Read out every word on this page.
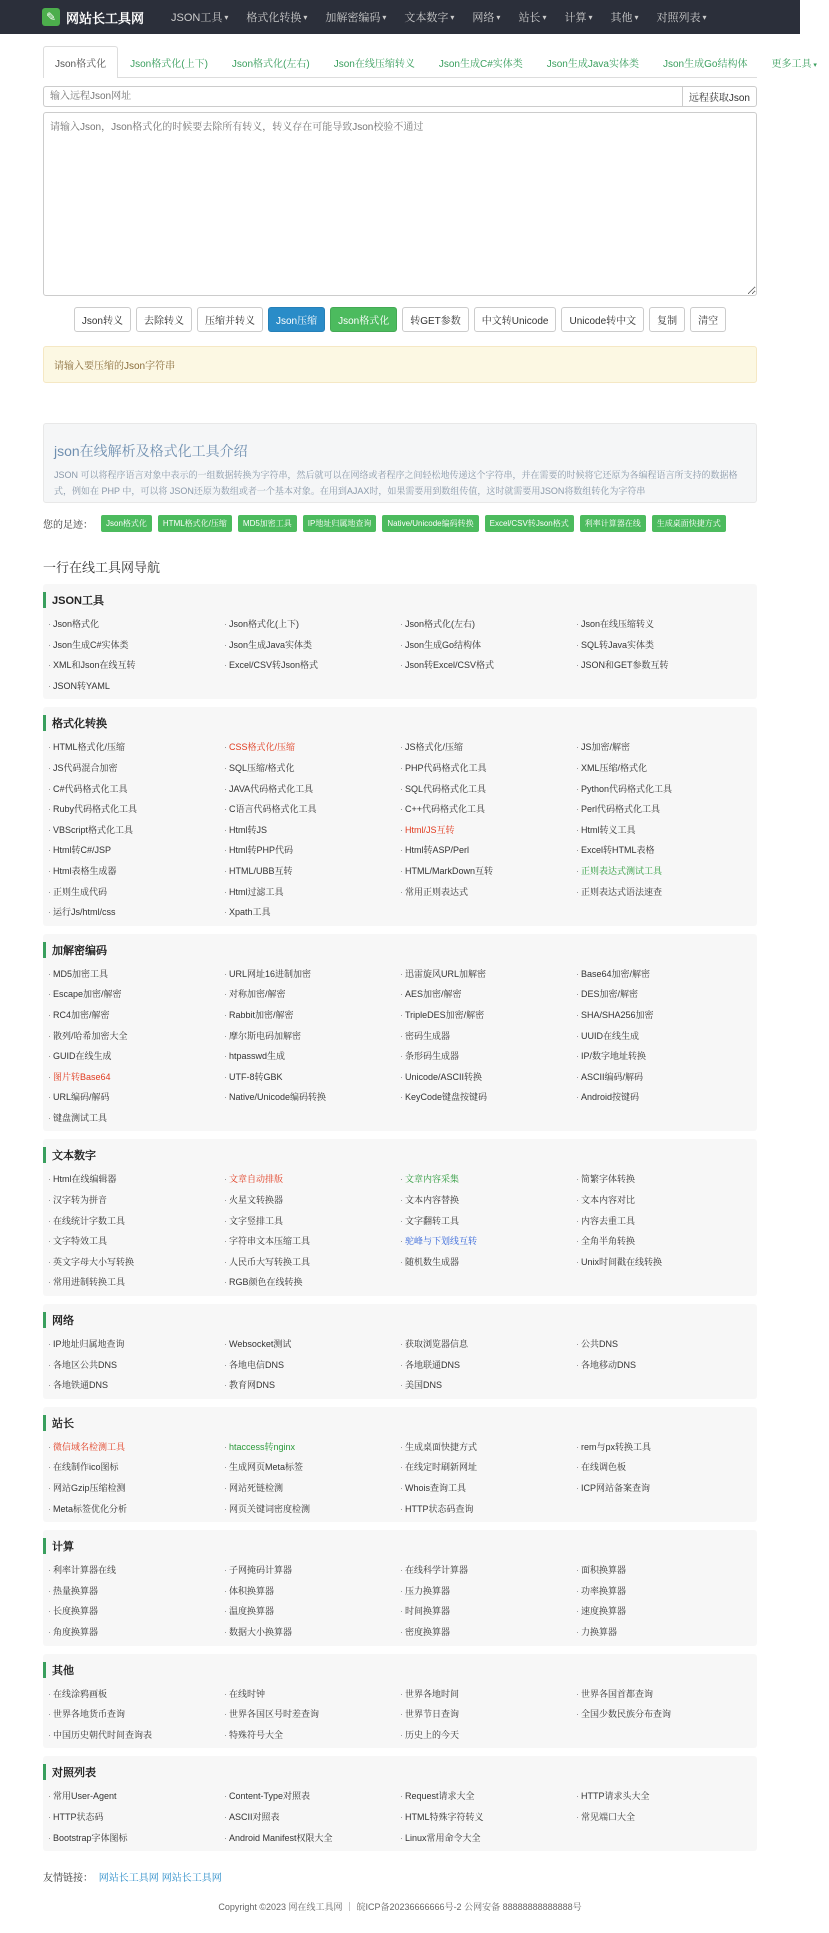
✎ 网站长工具网 JSON工具 ▾ 格式化转换 ▾ 加解密编码 ▾ 文本数字 ▾ 网络 ▾ 站长 ▾ 计算 ▾ 其他 ▾ 对照列表 ▾
Json格式化	Json格式化(上下)	Json格式化(左右)	Json在线压缩转义	Json生成C#实体类	Json生成Java实体类	Json生成Go结构体	更多工具 ▾
输入远程Json网址
远程获取Json
请输入Json，Json格式化的时候要去除所有转义，转义存在可能导致Json校验不通过
Json转义	去除转义	压缩并转义	Json压缩	Json格式化	转GET参数	中文转Unicode	Unicode转中文	复制	清空
请输入要压缩的Json字符串
json在线解析及格式化工具介绍

JSON 可以将程序语言对象中表示的一组数据转换为字符串，然后就可以在网络或者程序之间轻松地传递这个字符串，并在需要的时候将它还原为各编程语言所支持的数据格式，例如在 PHP 中，可以将 JSON还原为数组或者一个基本对象。在用到AJAX时，如果需要用到数组传值，这时就需要用JSON将数组转化为字符串

您的足迹：	Json格式化	HTML格式化/压缩	MD5加密工具	IP地址归属地查询	Native/Unicode编码转换	Excel/CSV转Json格式	利率计算器在线	生成桌面快捷方式
一行在线工具网导航
JSON工具
· Json格式化	· Json格式化(上下)	· Json格式化(左右)	· Json在线压缩转义
· Json生成C#实体类	· Json生成Java实体类	· Json生成Go结构体	· SQL转Java实体类
· XML和Json在线互转	· Excel/CSV转Json格式	· Json转Excel/CSV格式	· JSON和GET参数互转
· JSON转YAML
格式化转换
· HTML格式化/压缩	· CSS格式化/压缩	· JS格式化/压缩	· JS加密/解密
· JS代码混合加密	· SQL压缩/格式化	· PHP代码格式化工具	· XML压缩/格式化
· C#代码格式化工具	· JAVA代码格式化工具	· SQL代码格式化工具	· Python代码格式化工具
· Ruby代码格式化工具	· C语言代码格式化工具	· C++代码格式化工具	· Perl代码格式化工具
· VBScript格式化工具	· Html转JS	· Html/JS互转	· Html转义工具
· Html转C#/JSP	· Html转PHP代码	· Html转ASP/Perl	· Excel转HTML表格
· Html表格生成器	· HTML/UBB互转	· HTML/MarkDown互转	· 正则表达式测试工具
· 正则生成代码	· Html过滤工具	· 常用正则表达式	· 正则表达式语法速查
· 运行Js/html/css	· Xpath工具
加解密编码
· MD5加密工具	· URL网址16进制加密	· 迅雷旋风URL加解密	· Base64加密/解密
· Escape加密/解密	· 对称加密/解密	· AES加密/解密	· DES加密/解密
· RC4加密/解密	· Rabbit加密/解密	· TripleDES加密/解密	· SHA/SHA256加密
· 散列/哈希加密大全	· 摩尔斯电码加解密	· 密码生成器	· UUID在线生成
· GUID在线生成	· htpasswd生成	· 条形码生成器	· IP/数字地址转换
· 图片转Base64	· UTF-8转GBK	· Unicode/ASCII转换	· ASCII编码/解码
· URL编码/解码	· Native/Unicode编码转换	· KeyCode键盘按键码	· Android按键码
· 键盘测试工具
文本数字
· Html在线编辑器	· 文章自动排版	· 文章内容采集	· 简繁字体转换
· 汉字转为拼音	· 火星文转换器	· 文本内容替换	· 文本内容对比
· 在线统计字数工具	· 文字竖排工具	· 文字翻转工具	· 内容去重工具
· 文字特效工具	· 字符串文本压缩工具	· 驼峰与下划线互转	· 全角半角转换
· 英文字母大小写转换	· 人民币大写转换工具	· 随机数生成器	· Unix时间戳在线转换
· 常用进制转换工具	· RGB颜色在线转换
网络
· IP地址归属地查询	· Websocket测试	· 获取浏览器信息	· 公共DNS
· 各地区公共DNS	· 各地电信DNS	· 各地联通DNS	· 各地移动DNS
· 各地铁通DNS	· 教育网DNS	· 美国DNS
站长
· 微信域名检测工具	· htaccess转nginx	· 生成桌面快捷方式	· rem与px转换工具
· 在线制作ico图标	· 生成网页Meta标签	· 在线定时刷新网址	· 在线调色板
· 网站Gzip压缩检测	· 网站死链检测	· Whois查询工具	· ICP网站备案查询
· Meta标签优化分析	· 网页关键词密度检测	· HTTP状态码查询
计算
· 利率计算器在线	· 子网掩码计算器	· 在线科学计算器	· 面积换算器
· 热量换算器	· 体积换算器	· 压力换算器	· 功率换算器
· 长度换算器	· 温度换算器	· 时间换算器	· 速度换算器
· 角度换算器	· 数据大小换算器	· 密度换算器	· 力换算器
其他
· 在线涂鸦画板	· 在线时钟	· 世界各地时间	· 世界各国首都查询
· 世界各地货币查询	· 世界各国区号时差查询	· 世界节日查询	· 全国少数民族分布查询
· 中国历史朝代时间查询表	· 特殊符号大全	· 历史上的今天
对照列表
· 常用User-Agent	· Content-Type对照表	· Request请求大全	· HTTP请求头大全
· HTTP状态码	· ASCII对照表	· HTML特殊字符转义	· 常见端口大全
· Bootstrap字体图标	· Android Manifest权限大全	· Linux常用命令大全
友情链接： 网站长工具网 网站长工具网
Copyright ©2023 网在线工具网 ｜ 皖ICP备20236666666号-2 公网安备 88888888888888号
